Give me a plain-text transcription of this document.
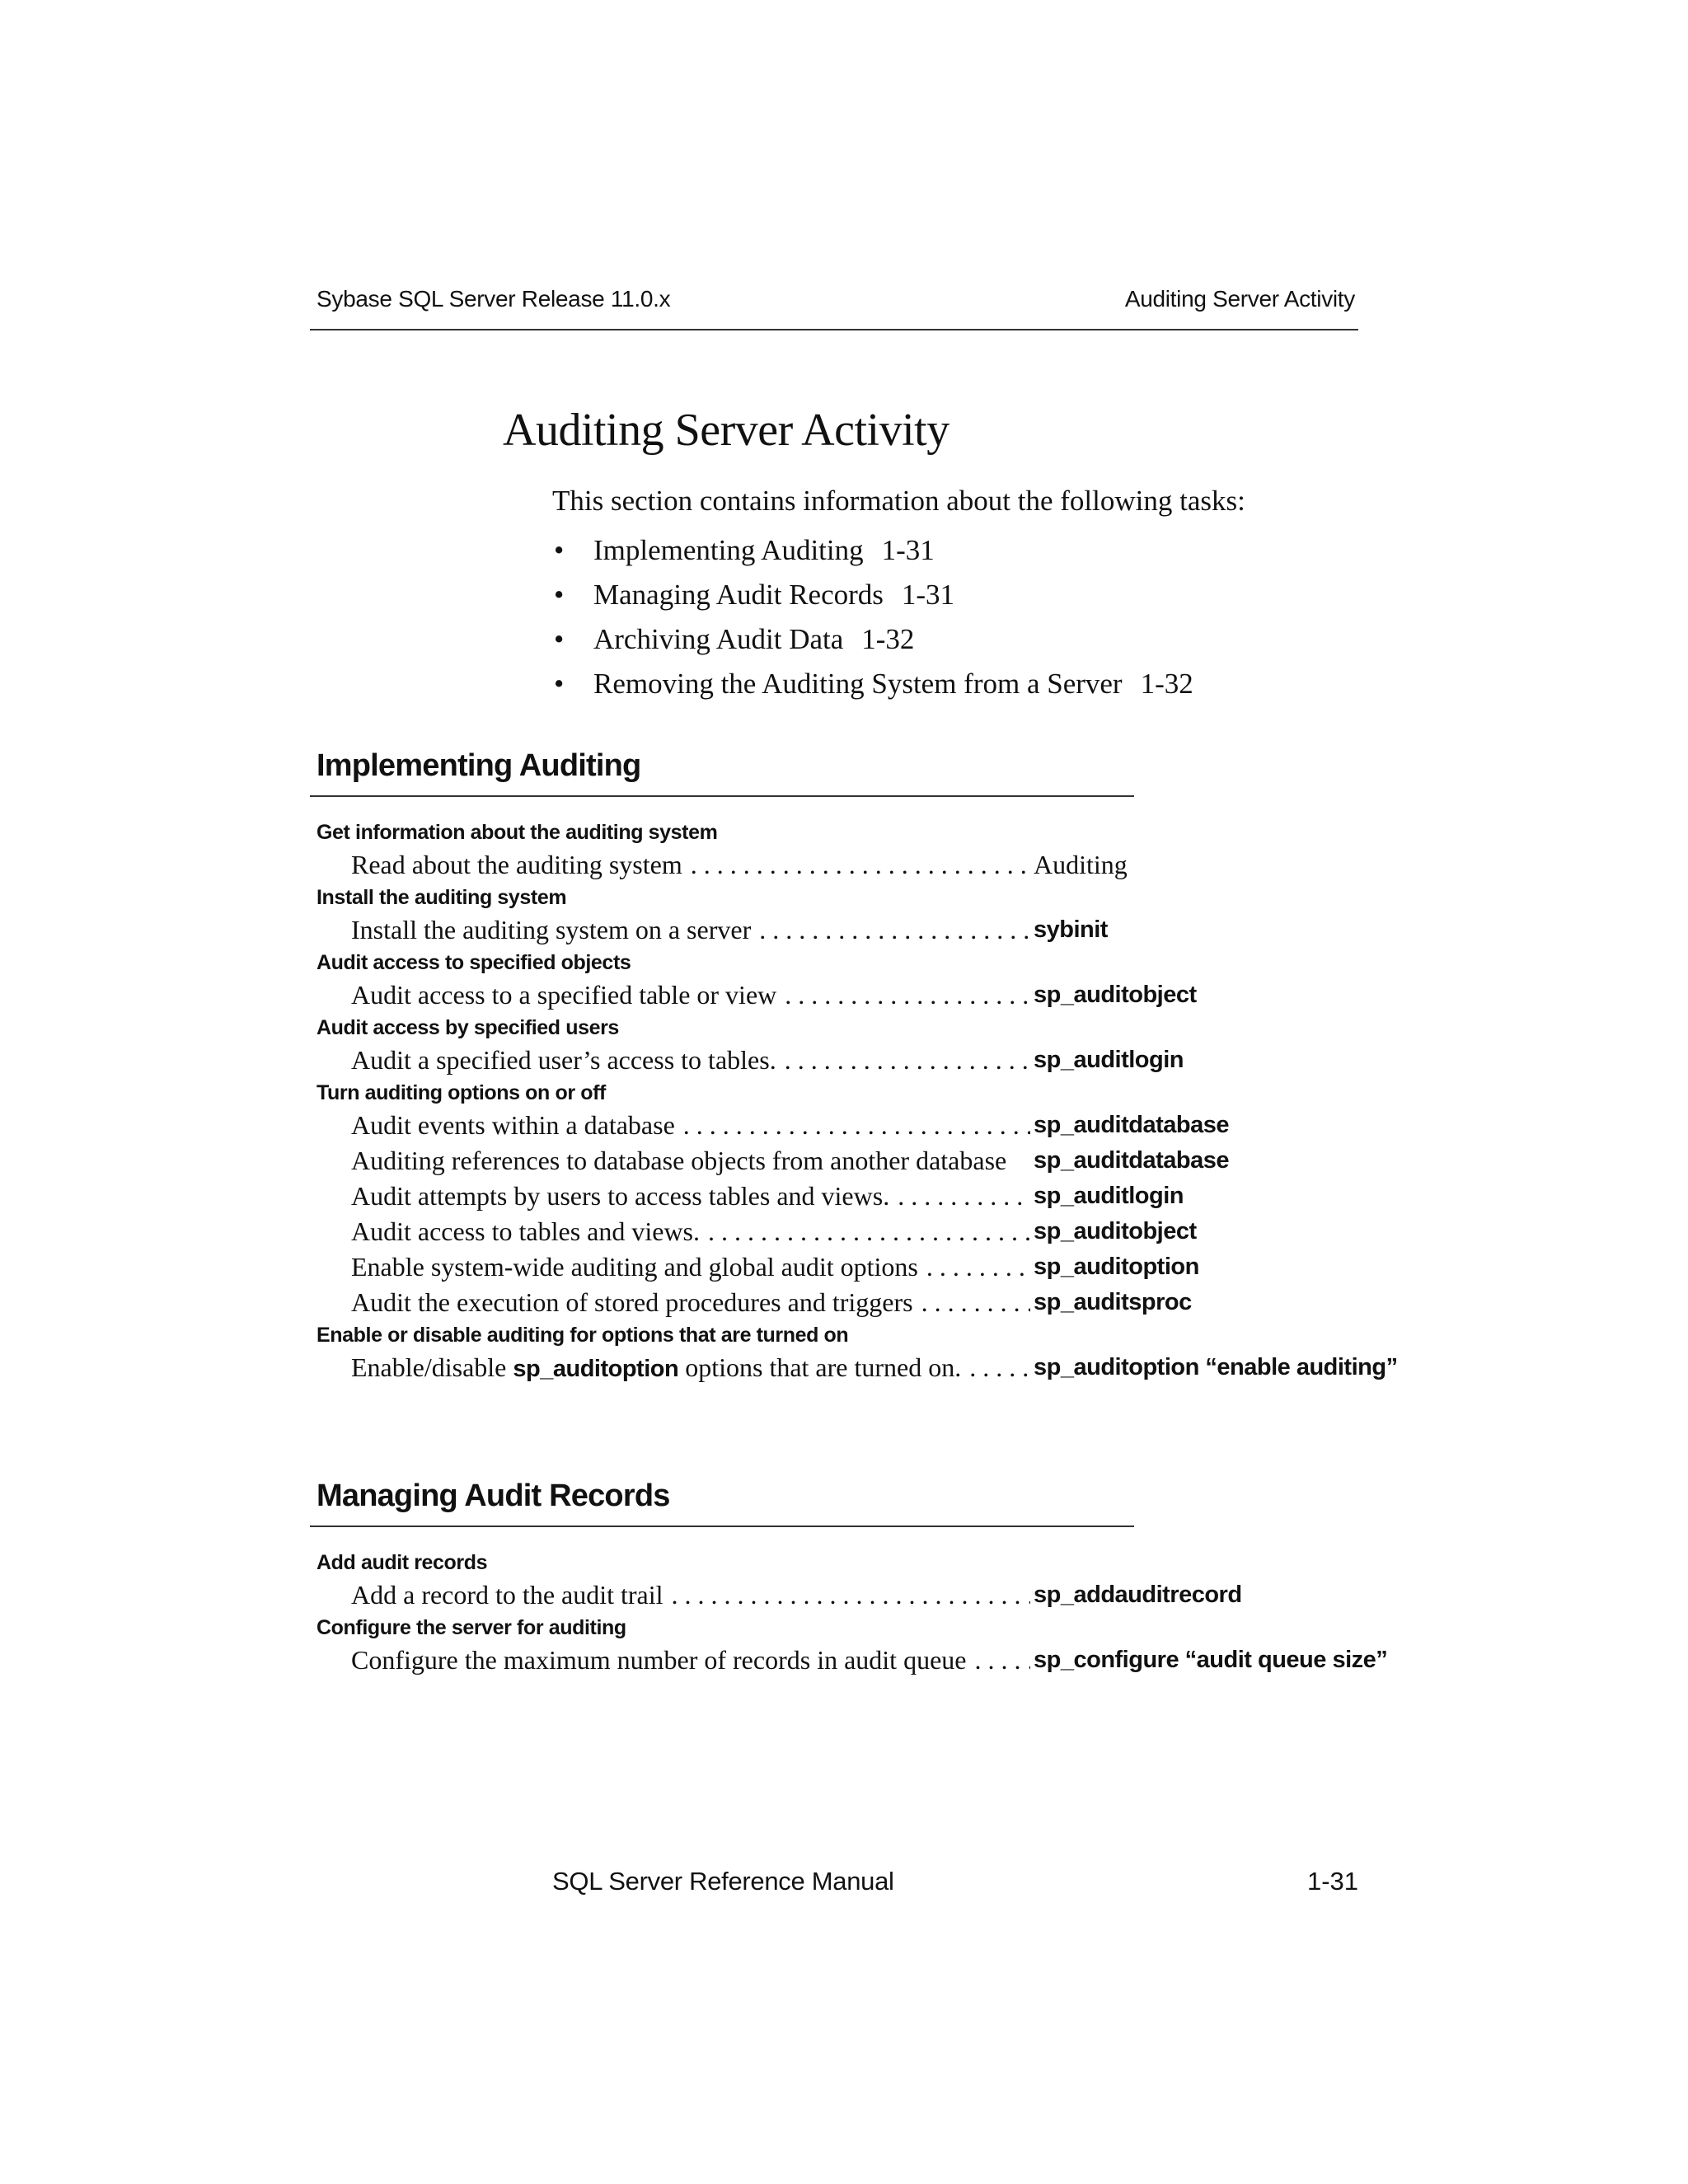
Sybase SQL Server Release 11.0.x	Auditing Server Activity
Auditing Server Activity
This section contains information about the following tasks:
• Implementing Auditing 1-31
• Managing Audit Records 1-31
• Archiving Audit Data 1-32
• Removing the Auditing System from a Server 1-32
Implementing Auditing
Get information about the auditing system
Read about the auditing system . . .	Auditing
Install the auditing system
Install the auditing system on a server . . .	sybinit
Audit access to specified objects
Audit access to a specified table or view . . .	sp_auditobject
Audit access by specified users
Audit a specified user’s access to tables. . . .	sp_auditlogin
Turn auditing options on or off
Audit events within a database . . .	sp_auditdatabase
Auditing references to database objects from another database	sp_auditdatabase
Audit attempts by users to access tables and views. . . .	sp_auditlogin
Audit access to tables and views. . . .	sp_auditobject
Enable system-wide auditing and global audit options . . .	sp_auditoption
Audit the execution of stored procedures and triggers . . .	sp_auditsproc
Enable or disable auditing for options that are turned on
Enable/disable sp_auditoption options that are turned on. . . .	sp_auditoption “enable auditing”
Managing Audit Records
Add audit records
Add a record to the audit trail . . .	sp_addauditrecord
Configure the server for auditing
Configure the maximum number of records in audit queue . . .	sp_configure “audit queue size”
SQL Server Reference Manual	1-31
